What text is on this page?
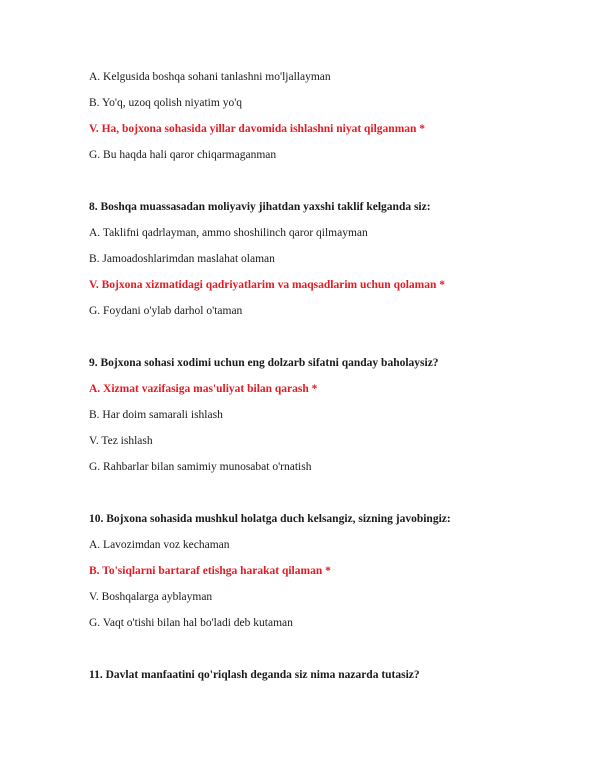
A. Kelgusida boshqa sohani tanlashni mo'ljallayman
B. Yo'q, uzoq qolish niyatim yo'q
V. Ha, bojxona sohasida yillar davomida ishlashni niyat qilganman *
G. Bu haqda hali qaror chiqarmaganman
8. Boshqa muassasadan moliyaviy jihatdan yaxshi taklif kelganda siz:
A. Taklifni qadrlayman, ammo shoshilinch qaror qilmayman
B. Jamoadoshlarimdan maslahat olaman
V. Bojxona xizmatidagi qadriyatlarim va maqsadlarim uchun qolaman *
G. Foydani o'ylab darhol o'taman
9. Bojxona sohasi xodimi uchun eng dolzarb sifatni qanday baholaysiz?
A. Xizmat vazifasiga mas'uliyat bilan qarash *
B. Har doim samarali ishlash
V. Tez ishlash
G. Rahbarlar bilan samimiy munosabat o'rnatish
10. Bojxona sohasida mushkul holatga duch kelsangiz, sizning javobingiz:
A. Lavozimdan voz kechaman
B. To'siqlarni bartaraf etishga harakat qilaman *
V. Boshqalarga ayblayman
G. Vaqt o'tishi bilan hal bo'ladi deb kutaman
11. Davlat manfaatini qo'riqlash deganda siz nima nazarda tutasiz?
